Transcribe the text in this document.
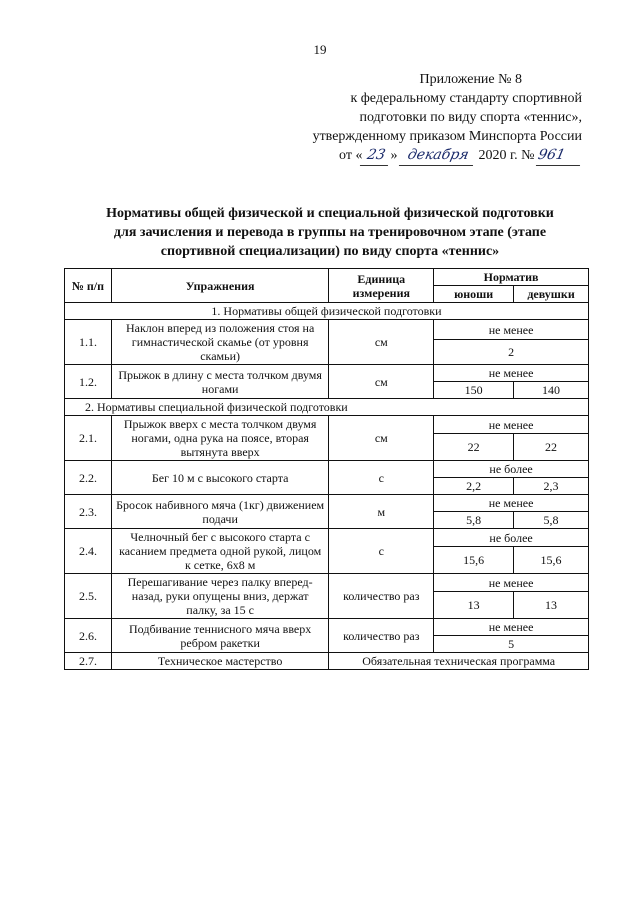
19
Приложение № 8
к федеральному стандарту спортивной
подготовки по виду спорта «теннис»,
утвержденному приказом Минспорта России
от « 23 » декабря 2020 г. № 961
Нормативы общей физической и специальной физической подготовки
для зачисления и перевода в группы на тренировочном этапе (этапе
спортивной специализации) по виду спорта «теннис»
№ п/п	Упражнения	Единица измерения	Норматив	
			юноши	девушки
1. Нормативы общей физической подготовки				
1.1.	Наклон вперед из положения стоя на гимнастической скамье (от уровня скамьи)	см	не менее	
			2	
1.2.	Прыжок в длину с места толчком двумя ногами	см	не менее	
			150	140
2. Нормативы специальной физической подготовки				
2.1.	Прыжок вверх с места толчком двумя ногами, одна рука на поясе, вторая вытянута вверх	см	не менее	
			22	22
2.2.	Бег 10 м с высокого старта	с	не более	
			2,2	2,3
2.3.	Бросок набивного мяча (1кг) движением подачи	м	не менее	
			5,8	5,8
2.4.	Челночный бег с высокого старта с касанием предмета одной рукой, лицом к сетке, 6х8 м	с	не более	
			15,6	15,6
2.5.	Перешагивание через палку вперед-назад, руки опущены вниз, держат палку, за 15 с	количество раз	не менее	
			13	13
2.6.	Подбивание теннисного мяча вверх ребром ракетки	количество раз	не менее	
			5	
2.7.	Техническое мастерство	Обязательная техническая программа		
